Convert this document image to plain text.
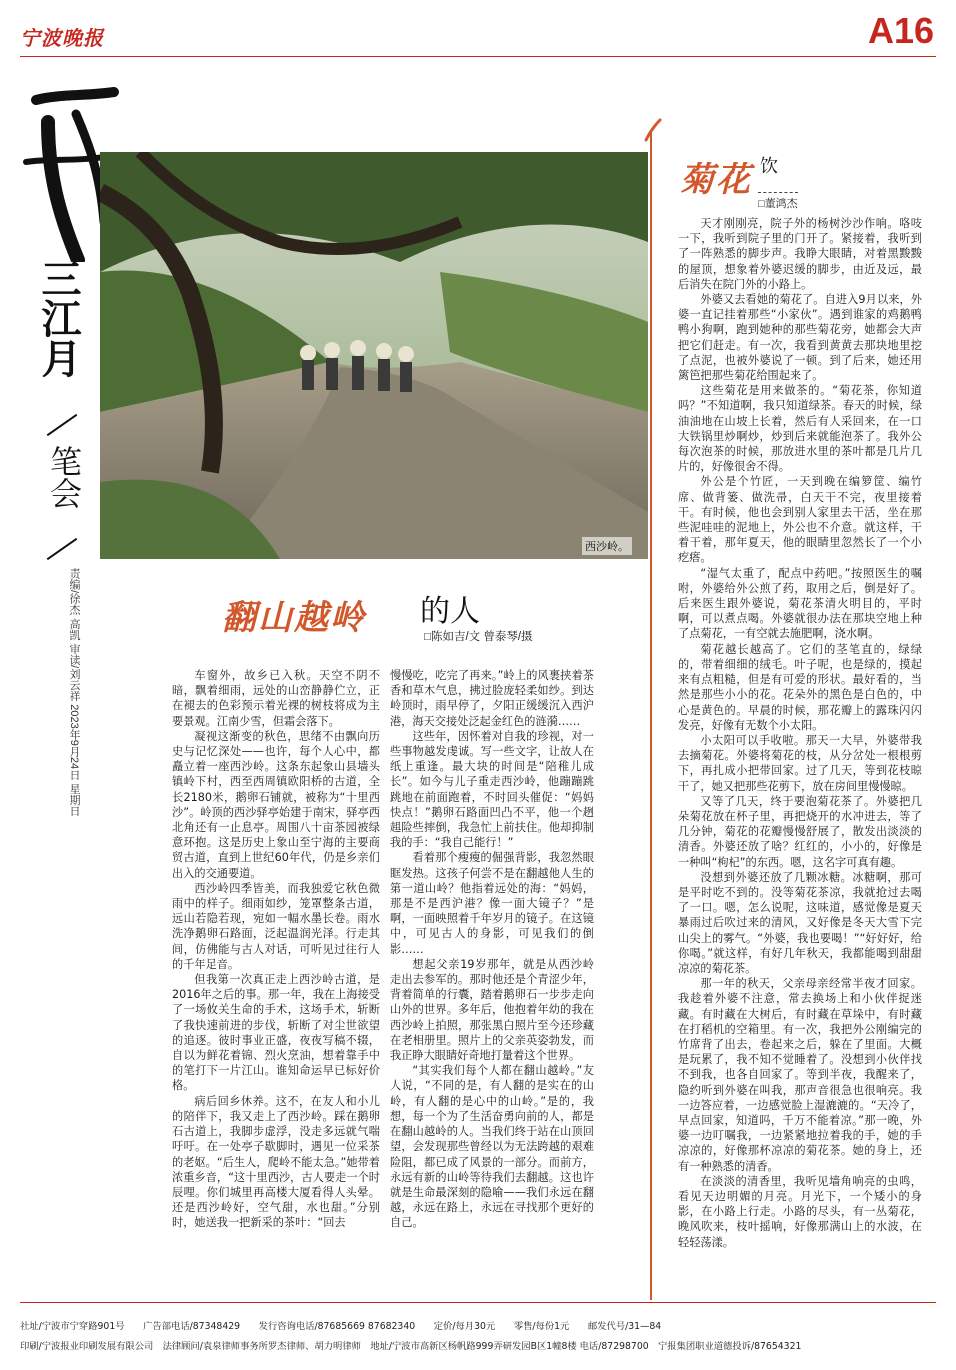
宁波晚报	A16
三江月
笔会
责编/徐杰 高凯 审读/刘云祥 2023年9月24日 星期日
西沙岭。
翻山越岭 的人
□陈如吉/文 曾泰琴/摄

车窗外，故乡已入秋。天空不阴不暗，飘着细雨，远处的山峦静静伫立，正在褪去的色彩预示着光裸的树枝将成为主要景观。江南少雪，但霜会落下。

凝视这渐变的秋色，思绪不由飘向历史与记忆深处——也许，每个人心中，都矗立着一座西沙岭。这条东起象山县墙头镇岭下村，西至西周镇欧阳桥的古道，全长2180米，鹅卵石铺就，被称为“十里西沙”。岭顶的西沙驿亭始建于南宋，驿亭西北角还有一止息亭。周围八十亩茶园被绿意环抱。这是历史上象山至宁海的主要商贸古道，直到上世纪60年代，仍是乡亲们出入的交通要道。

西沙岭四季皆美，而我独爱它秋色微雨中的样子。细雨如纱，笼罩整条古道，远山若隐若现，宛如一幅水墨长卷。雨水洗净鹅卵石路面，泛起温润光泽。行走其间，仿佛能与古人对话，可听见过往行人的千年足音。

但我第一次真正走上西沙岭古道，是2016年之后的事。那一年，我在上海接受了一场攸关生命的手术，这场手术，斩断了我快速前进的步伐，斩断了对尘世欲望的追逐。彼时事业正盛，夜夜写稿不辍，自以为鲜花着锦、烈火烹油，想着靠手中的笔打下一片江山。谁知命运早已标好价格。

病后回乡休养。这不，在友人和小儿的陪伴下，我又走上了西沙岭。踩在鹅卵石古道上，我脚步虚浮，没走多远就气喘吁吁。在一处亭子歇脚时，遇见一位采茶的老妪。“后生人，爬岭不能太急。”她带着浓重乡音，“这十里西沙，古人要走一个时辰哩。你们城里再高楼大厦看得人头晕。还是西沙岭好，空气甜，水也甜。”分别时，她送我一把新采的茶叶：“回去

慢慢吃，吃完了再来。”岭上的风裹挟着茶香和草木气息，拂过脸庞轻柔如纱。到达岭顶时，雨早停了，夕阳正缓缓沉入西沪港，海天交接处泛起金红色的涟漪……

这些年，因怀着对自我的珍视，对一些事物越发虔诚。写一些文字，让故人在纸上重逢。最大块的时间是“陪稚儿成长”。如今与儿子重走西沙岭，他蹦蹦跳跳地在前面跑着，不时回头催促：“妈妈快点！”鹅卵石路面凹凸不平，他一个趔趄险些摔倒，我急忙上前扶住。他却抑制我的手：“我自己能行！”

看着那个瘦瘦的倔强背影，我忽然眼眶发热。这孩子何尝不是在翻越他人生的第一道山岭？他指着远处的海：“妈妈，那是不是西沪港？像一面大镜子？”是啊，一面映照着千年岁月的镜子。在这镜中，可见古人的身影，可见我们的倒影……

想起父亲19岁那年，就是从西沙岭走出去参军的。那时他还是个青涩少年，背着简单的行囊，踏着鹅卵石一步步走向山外的世界。多年后，他抱着年幼的我在西沙岭上拍照，那张黑白照片至今还珍藏在老相册里。照片上的父亲英姿勃发，而我正睁大眼睛好奇地打量着这个世界。

“其实我们每个人都在翻山越岭。”友人说，“不同的是，有人翻的是实在的山岭，有人翻的是心中的山岭。”是的，我想，每一个为了生活奋勇向前的人，都是在翻山越岭的人。当我们终于站在山顶回望，会发现那些曾经以为无法跨越的艰难险阻，都已成了风景的一部分。而前方，永远有新的山岭等待我们去翻越。这也许就是生命最深刻的隐喻——我们永远在翻越，永远在路上，永远在寻找那个更好的自己。

菊花 饮
□董鸿杰

天才刚刚亮，院子外的杨树沙沙作响。咯吱一下，我听到院子里的门开了。紧接着，我听到了一阵熟悉的脚步声。我睁大眼睛，对着黑黢黢的屋顶，想象着外婆迟缓的脚步，由近及远，最后消失在院门外的小路上。

外婆又去看她的菊花了。自进入9月以来，外婆一直记挂着那些“小家伙”。遇到谁家的鸡鹅鸭鸭小狗啊，跑到她种的那些菊花旁，她都会大声把它们赶走。有一次，我看到黄黄去那块地里挖了点泥，也被外婆说了一顿。到了后来，她还用篱笆把那些菊花给围起来了。

这些菊花是用来做茶的。“菊花茶，你知道吗？”不知道啊，我只知道绿茶。春天的时候，绿油油地在山坡上长着，然后有人采回来，在一口大铁锅里炒啊炒，炒到后来就能泡茶了。我外公每次泡茶的时候，那放进水里的茶叶都是几片几片的，好像很舍不得。

外公是个竹匠，一天到晚在编箩筐、编竹席、做背篓、做洗帚，白天干不完，夜里接着干。有时候，他也会到别人家里去干活，坐在那些泥哇哇的泥地上，外公也不介意。就这样，干着干着，那年夏天，他的眼睛里忽然长了一个小疙瘩。

“湿气太重了，配点中药吧。”按照医生的嘱咐，外婆给外公煎了药，取用之后，倒是好了。后来医生跟外婆说，菊花茶清火明目的，平时啊，可以煮点喝。外婆就很办法在那块空地上种了点菊花，一有空就去施肥啊，浇水啊。

菊花越长越高了。它们的茎笔直的，绿绿的，带着细细的绒毛。叶子呢，也是绿的，摸起来有点粗糙，但是有可爱的形状。最好看的，当然是那些小小的花。花朵外的黑色是白色的，中心是黄色的。早晨的时候，那花瓣上的露珠闪闪发亮，好像有无数个小太阳。

小太阳可以手收啦。那天一大早，外婆带我去摘菊花。外婆将菊花的枝，从分岔处一根根剪下，再扎成小把带回家。过了几天，等到花枝晾干了，她又把那些花剪下，放在房间里慢慢晾。

又等了几天，终于要泡菊花茶了。外婆把几朵菊花放在杯子里，再把烧开的水冲进去，等了几分钟，菊花的花瓣慢慢舒展了，散发出淡淡的清香。外婆还放了啥？红红的，小小的，好像是一种叫“枸杞”的东西。嗯，这名字可真有趣。

没想到外婆还放了几颗冰糖。冰糖啊，那可是平时吃不到的。没等菊花茶凉，我就抢过去喝了一口。嗯，怎么说呢，这味道，感觉像是夏天暴雨过后吹过来的清风，又好像是冬天大雪下完山尖上的雾气。“外婆，我也要喝！”“好好好，给你喝。”就这样，有好几年秋天，我都能喝到甜甜凉凉的菊花茶。

那一年的秋天，父亲母亲经常半夜才回家。我趁着外婆不注意，常去换场上和小伙伴捉迷藏。有时藏在大树后，有时藏在草垛中，有时藏在打稻机的空箱里。有一次，我把外公刚编完的竹席背了出去，卷起来之后，躲在了里面。大概是玩累了，我不知不觉睡着了。没想到小伙伴找不到我，也各自回家了。等到半夜，我醒来了，隐约听到外婆在叫我，那声音很急也很响亮。我一边答应着，一边感觉脸上湿漉漉的。“天冷了，早点回家，知道吗，千万不能着凉。”那一晚，外婆一边叮嘱我，一边紧紧地拉着我的手，她的手凉凉的，好像那杯凉凉的菊花茶。她的身上，还有一种熟悉的清香。

在淡淡的清香里，我听见墙角响亮的虫鸣，看见天边明媚的月亮。月光下，一个矮小的身影，在小路上行走。小路的尽头，有一丛菊花，晚风吹来，枝叶摇响，好像那满山上的水波，在轻轻荡漾。

社址/宁波市宁穿路901号　　广告部电话/87348429　　发行咨询电话/87685669 87682340　　定价/每月30元　　零售/每份1元　　邮发代号/31—84
印刷/宁波报业印刷发展有限公司　法律顾问/袁泉律师事务所罗杰律师、胡力明律师　地址/宁波市高新区杨帆路999弄研发园B区1幢8楼 电话/87298700　宁报集团职业道德投诉/87654321
